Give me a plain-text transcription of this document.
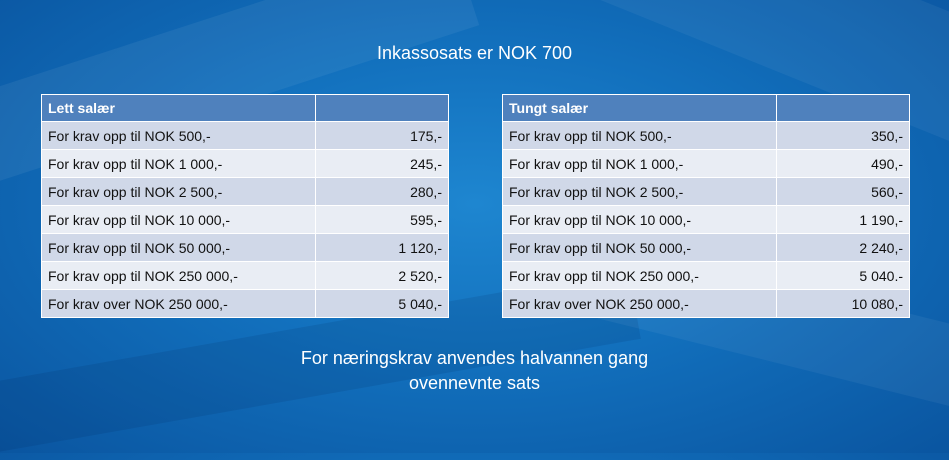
Inkassosats er NOK 700
Lett salær	
For krav opp til NOK 500,-	175,-
For krav opp til NOK 1 000,-	245,-
For krav opp til NOK 2 500,-	280,-
For krav opp til NOK 10 000,-	595,-
For krav opp til NOK 50 000,-	1 120,-
For krav opp til NOK 250 000,-	2 520,-
For krav over NOK 250 000,-	5 040,-
Tungt salær	
For krav opp til NOK 500,-	350,-
For krav opp til NOK 1 000,-	490,-
For krav opp til NOK 2 500,-	560,-
For krav opp til NOK 10 000,-	1 190,-
For krav opp til NOK 50 000,-	2 240,-
For krav opp til NOK 250 000,-	5 040.-
For krav over NOK 250 000,-	10 080,-
For næringskrav anvendes halvannen gang
ovennevnte sats
